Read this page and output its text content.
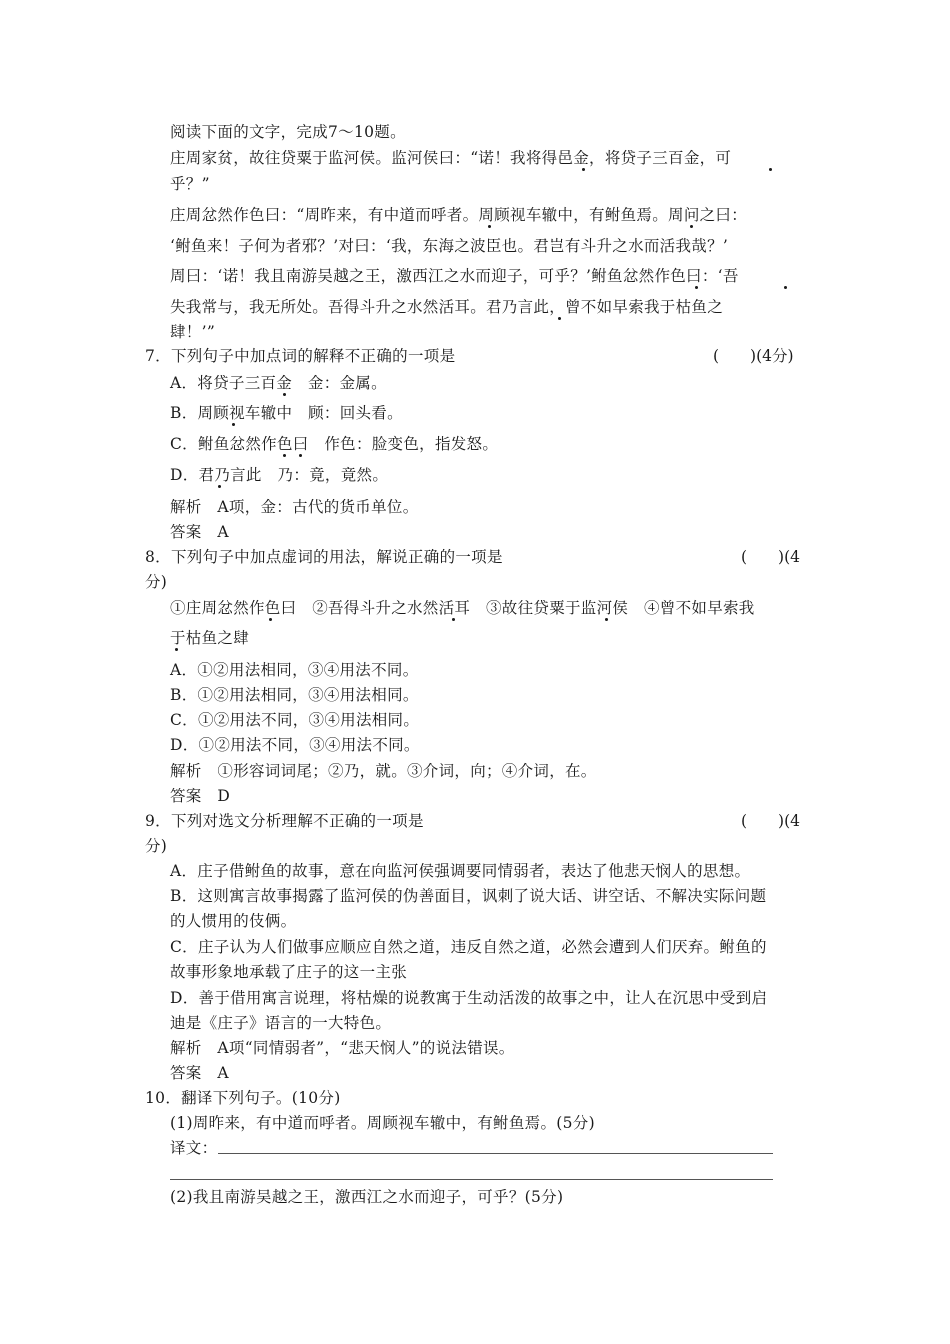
阅读下面的文字，完成7～10题。
庄周家贫，故往贷粟于监河侯。监河侯曰：“诺！我将得邑金，将贷子三百金，可
乎？”
庄周忿然作色曰：“周昨来，有中道而呼者。周顾视车辙中，有鲋鱼焉。周问之曰：
‘鲋鱼来！子何为者邪？’对曰：‘我，东海之波臣也。君岂有斗升之水而活我哉？’
周曰：‘诺！我且南游吴越之王，激西江之水而迎子，可乎？’鲋鱼忿然作色曰：‘吾
失我常与，我无所处。吾得斗升之水然活耳。君乃言此，曾不如早索我于枯鱼之
肆！’”
7．下列句子中加点词的解释不正确的一项是	(　　)(4分)
A．将贷子三百金　金：金属。
B．周顾视车辙中　顾：回头看。
C．鲋鱼忿然作色曰　作色：脸变色，指发怒。
D．君乃言此　乃：竟，竟然。
解析　A项，金：古代的货币单位。
答案　A
8．下列句子中加点虚词的用法，解说正确的一项是	(　　)(4
分)
①庄周忿然作色曰　②吾得斗升之水然活耳　③故往贷粟于监河侯　④曾不如早索我
于枯鱼之肆
A．①②用法相同，③④用法不同。
B．①②用法相同，③④用法相同。
C．①②用法不同，③④用法相同。
D．①②用法不同，③④用法不同。
解析　①形容词词尾；②乃，就。③介词，向；④介词，在。
答案　D
9．下列对选文分析理解不正确的一项是	(　　)(4
分)
A．庄子借鲋鱼的故事，意在向监河侯强调要同情弱者，表达了他悲天悯人的思想。
B．这则寓言故事揭露了监河侯的伪善面目，讽刺了说大话、讲空话、不解决实际问题
的人惯用的伎俩。
C．庄子认为人们做事应顺应自然之道，违反自然之道，必然会遭到人们厌弃。鲋鱼的
故事形象地承载了庄子的这一主张
D．善于借用寓言说理，将枯燥的说教寓于生动活泼的故事之中，让人在沉思中受到启
迪是《庄子》语言的一大特色。
解析　A项“同情弱者”，“悲天悯人”的说法错误。
答案　A
10．翻译下列句子。(10分)
(1)周昨来，有中道而呼者。周顾视车辙中，有鲋鱼焉。(5分)
译文：
(2)我且南游吴越之王，激西江之水而迎子，可乎？(5分)
